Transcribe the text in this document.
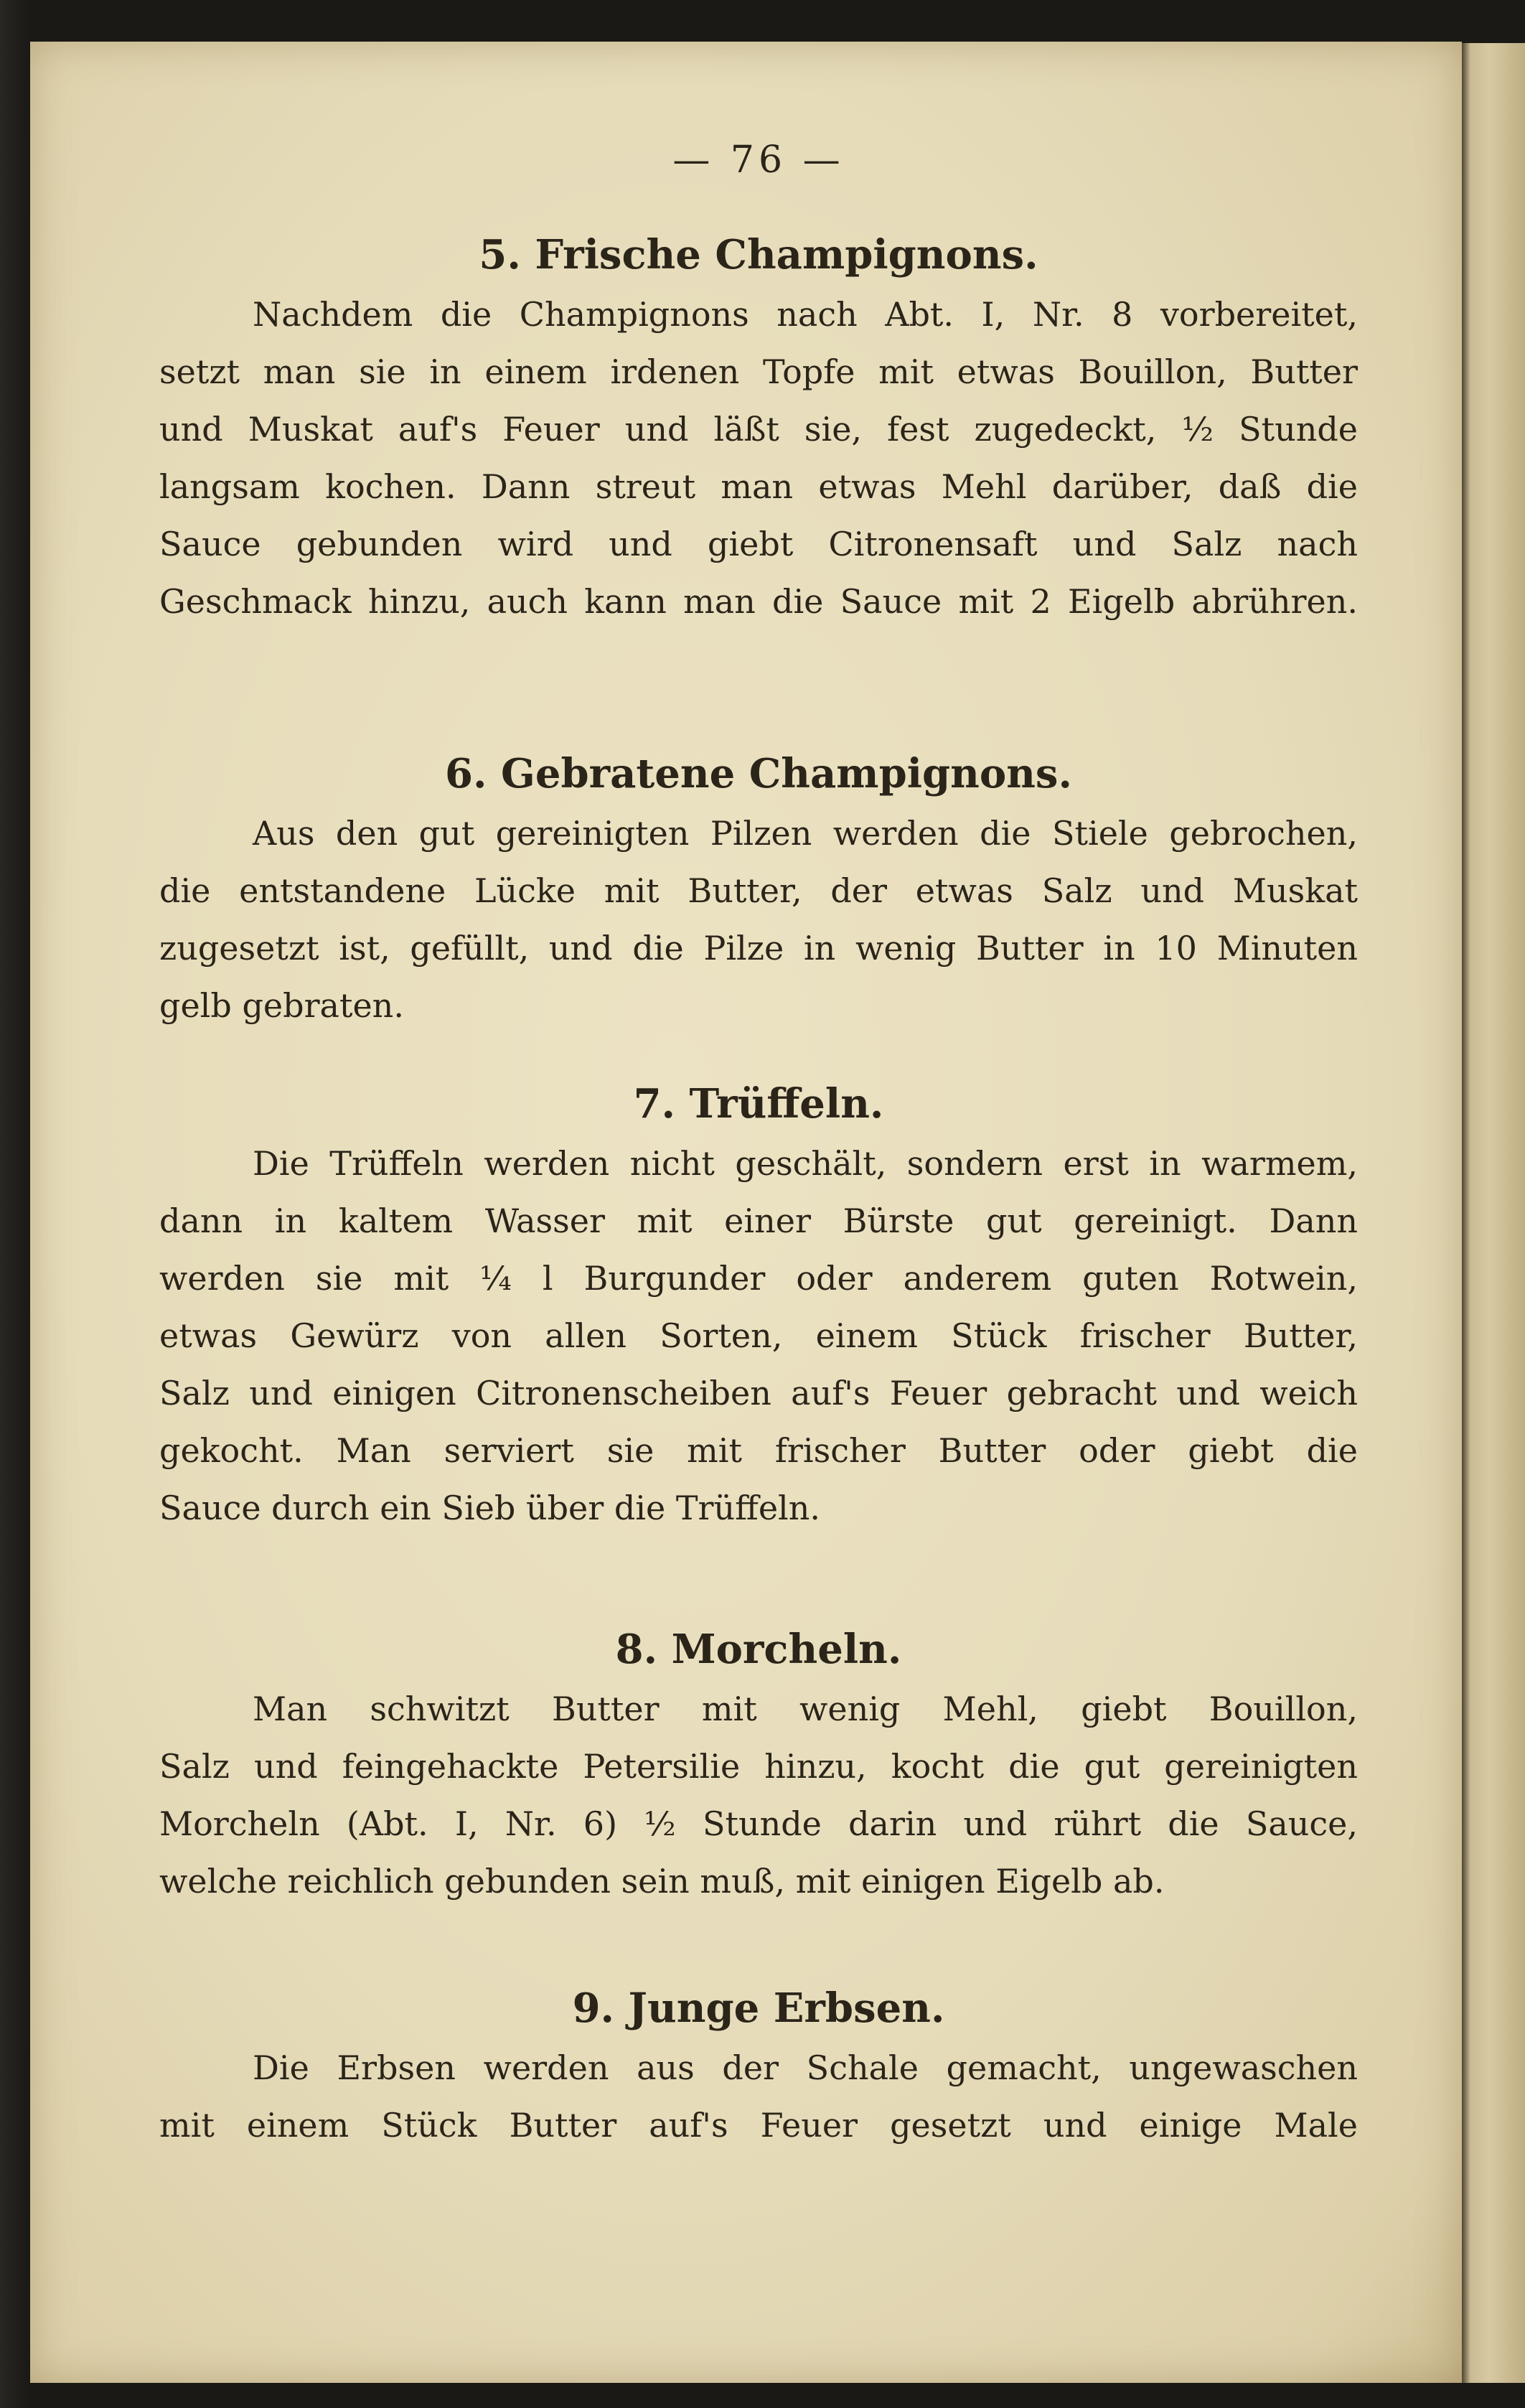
— 76 —
5. Frische Champignons.
Nachdem die Champignons nach Abt. I, Nr. 8 vorbereitet,
setzt man sie in einem irdenen Topfe mit etwas Bouillon, Butter
und Muskat auf's Feuer und läßt sie, fest zugedeckt, ½ Stunde
langsam kochen. Dann streut man etwas Mehl darüber, daß die
Sauce gebunden wird und giebt Citronensaft und Salz nach
Geschmack hinzu, auch kann man die Sauce mit 2 Eigelb abrühren.
6. Gebratene Champignons.
Aus den gut gereinigten Pilzen werden die Stiele gebrochen,
die entstandene Lücke mit Butter, der etwas Salz und Muskat
zugesetzt ist, gefüllt, und die Pilze in wenig Butter in 10 Minuten
gelb gebraten.
7. Trüffeln.
Die Trüffeln werden nicht geschält, sondern erst in warmem,
dann in kaltem Wasser mit einer Bürste gut gereinigt. Dann
werden sie mit ¼ l Burgunder oder anderem guten Rotwein,
etwas Gewürz von allen Sorten, einem Stück frischer Butter,
Salz und einigen Citronenscheiben auf's Feuer gebracht und weich
gekocht. Man serviert sie mit frischer Butter oder giebt die
Sauce durch ein Sieb über die Trüffeln.
8. Morcheln.
Man schwitzt Butter mit wenig Mehl, giebt Bouillon,
Salz und feingehackte Petersilie hinzu, kocht die gut gereinigten
Morcheln (Abt. I, Nr. 6) ½ Stunde darin und rührt die Sauce,
welche reichlich gebunden sein muß, mit einigen Eigelb ab.
9. Junge Erbsen.
Die Erbsen werden aus der Schale gemacht, ungewaschen
mit einem Stück Butter auf's Feuer gesetzt und einige Male
